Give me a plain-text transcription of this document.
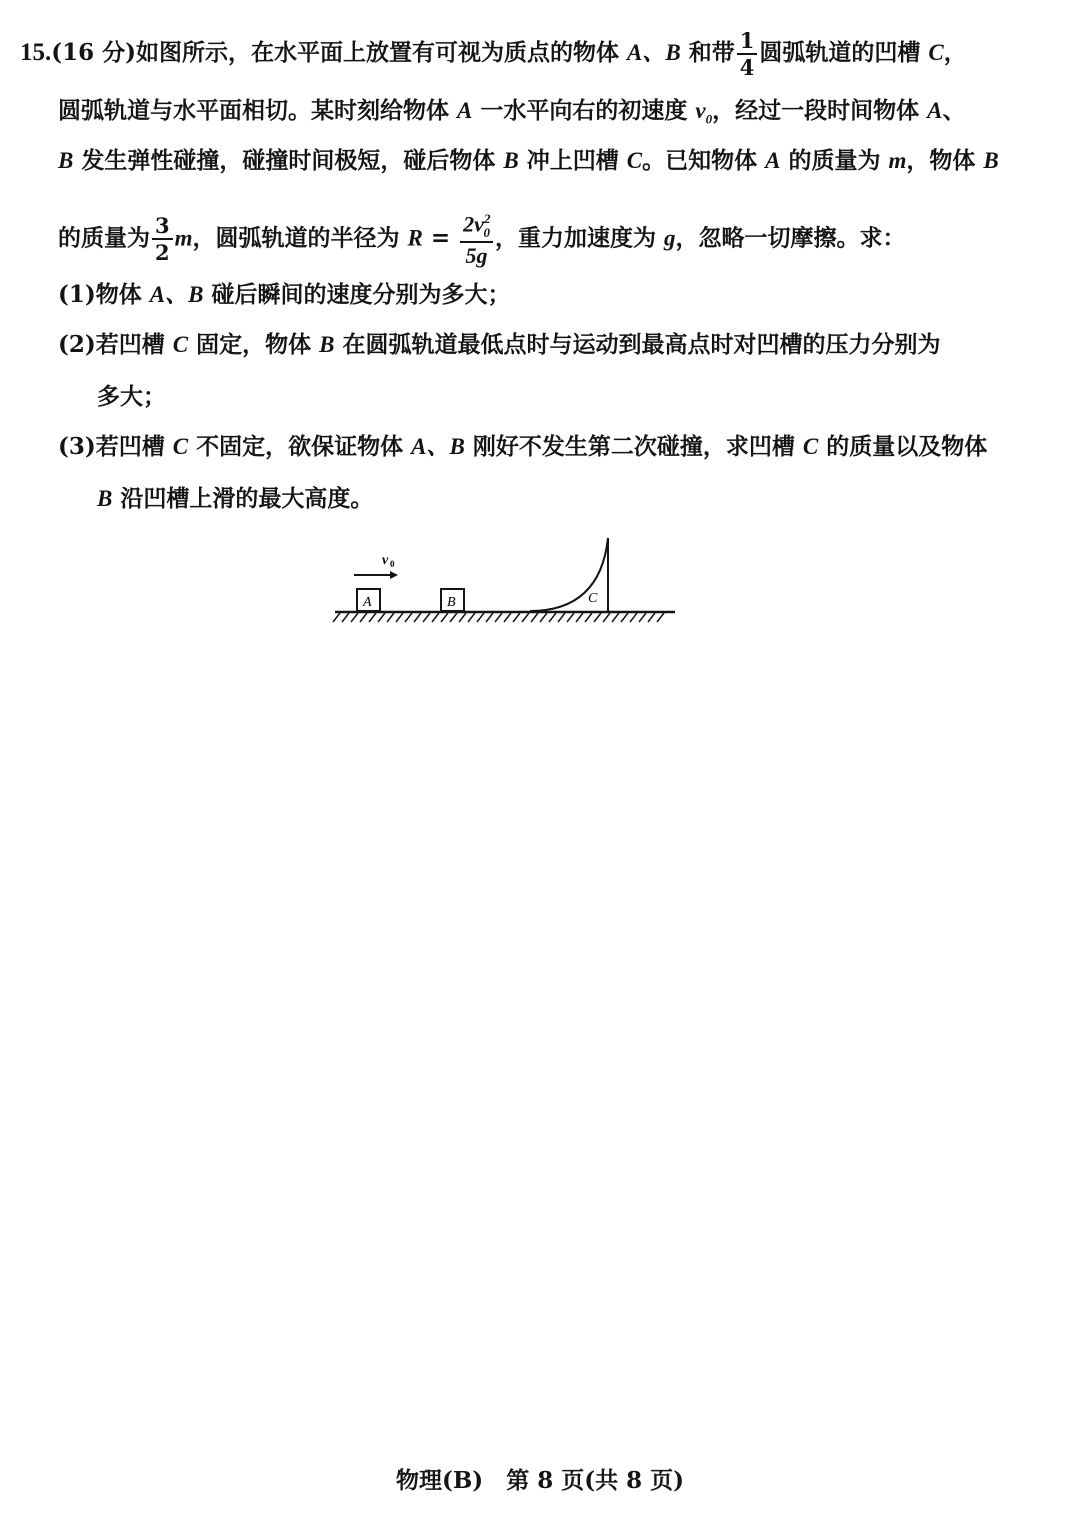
15.(16 分)如图所示，在水平面上放置有可视为质点的物体 A、B 和带 $\frac{1}{4}$ 圆弧轨道的凹槽 C，
圆弧轨道与水平面相切。某时刻给物体 A 一水平向右的初速度 $v_0$，经过一段时间物体 A、
B 发生弹性碰撞，碰撞时间极短，碰后物体 B 冲上凹槽 C。已知物体 A 的质量为 m，物体 B
的质量为 $\frac{3}{2}$ m，圆弧轨道的半径为 $R = \frac{2v^2_0}{5g}$ ，重力加速度为 g，忽略一切摩擦。求：
(1)物体 A、B 碰后瞬间的速度分别为多大；
(2)若凹槽 C 固定，物体 B 在圆弧轨道最低点时与运动到最高点时对凹槽的压力分别为
多大；
(3)若凹槽 C 不固定，欲保证物体 A、B 刚好不发生第二次碰撞，求凹槽 C 的质量以及物体
B 沿凹槽上滑的最大高度。
v 0
A	B	C
物理(B)　第 8 页(共 8 页)
